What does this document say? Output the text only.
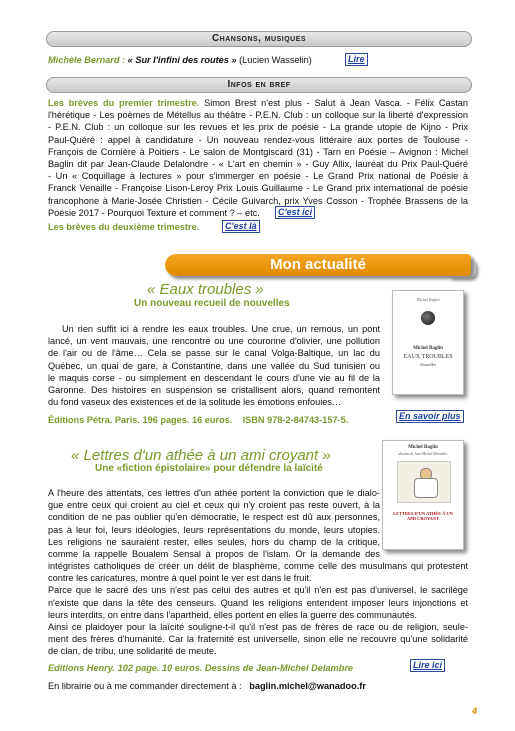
Chansons, musiques
Michèle Bernard : « Sur l'infini des routes » (Lucien Wasselin)	Lire
Infos en bref

Les brèves du premier trimestre. Simon Brest n'est plus - Salut à Jean Vasca. - Félix Castan

l'hérétique - Les poèmes de Métellus au théâtre - P.E.N. Club : un colloque sur la liberté d'expression

- P.E.N. Club : un colloque sur les revues et les prix de poésie - La grande utopie de Kijno - Prix

Paul-Quéré : appel à candidature - Un nouveau rendez-vous littéraire aux portes de Toulouse -

François de Cornière à Poitiers - Le salon de Montgiscard (31) - Tarn en Poésie – Avignon : Michel

Baglin dit par Jean-Claude Delalondre - « L'art en chemin » - Guy Allix, lauréat du Prix Paul-Quéré

- Un « Coquillage à lectures » pour s'immerger en poésie - Le Grand Prix national de Poésie à

Franck Venaille - Françoise Lison-Leroy Prix Louis Guillaume - Le Grand prix international de poésie

francophone à Marie-Josée Christien - Cécile Guivarch, prix Yves Cosson - Trophée Brassens de la

Poésie 2017 - Pourquoi Texture et comment ? – etc.	C'est ici
Les brèves du deuxième trimestre.	C'est là
Mon actualité
« Eaux troubles »
Un nouveau recueil de nouvelles

Un rien suffit ici à rendre les eaux troubles. Une crue, un remous, un pont

lancé, un vent mauvais, une rencontre ou une couronne d'olivier, une pollution

de l'air ou de l'âme… Cela se passe sur le canal Volga-Baltique, un lac du

Québec, un quai de gare, à Constantine, dans une vallée du Sud tunisien ou

le maquis corse - ou simplement en descendant le cours d'une vie au fil de la

Garonne. Des histoires en suspension se cristallisent alors, quand remontent

du fond vaseux des existences et de la solitude les émotions enfouies…

Éditions Pétra. Paris. 196 pages. 16 euros. ISBN 978-2-84743-157-5.	En savoir plus
Michel Baglin
Michel Baglin
EAUX TROUBLES
Nouvelles
« Lettres d'un athée à un ami croyant »
Une «fiction épistolaire» pour défendre la laïcité
Michel Baglin
dessins de Jean-Michel Delambre
LETTRES D'UN ATHÉE À UN AMI CROYANT

A l'heure des attentats, ces lettres d'un athée portent la conviction que le dialo-

gue entre ceux qui croient au ciel et ceux qui n'y croient pas reste ouvert, à la

condition de ne pas oublier qu'en démocratie, le respect est dû aux personnes,

pas à leur foi, leurs idéologies, leurs représentations du monde, leurs utopies.

Les religions ne sauraient rester, elles seules, hors du champ de la critique,

comme la rappelle Boualem Sensal à propos de l'islam. Or la demande des

intégristes catholiques de créer un délit de blasphème, comme celle des musulmans qui protestent

contre les caricatures, montre à quel point le ver est dans le fruit.

Parce que le sacré des uns n'est pas celui des autres et qu'il n'en est pas d'universel, le sacrilège

n'existe que dans la tête des censeurs. Quand les religions entendent imposer leurs injonctions et

leurs interdits, on entre dans l'apartheid, elles portent en elles la guerre des communautés.

Ainsi ce plaidoyer pour la laïcité souligne-t-il qu'il n'est pas de frères de race ou de religion, seule-

ment des frères d'humanité. Car la fraternité est universelle, sinon elle ne recouvre qu'une solidarité

de clan, de tribu, une solidarité de meute.

Editions Henry. 102 page. 10 euros. Dessins de Jean-Michel Delambre	Lire ici
En librairie ou à me commander directement à : baglin.michel@wanadoo.fr
4
